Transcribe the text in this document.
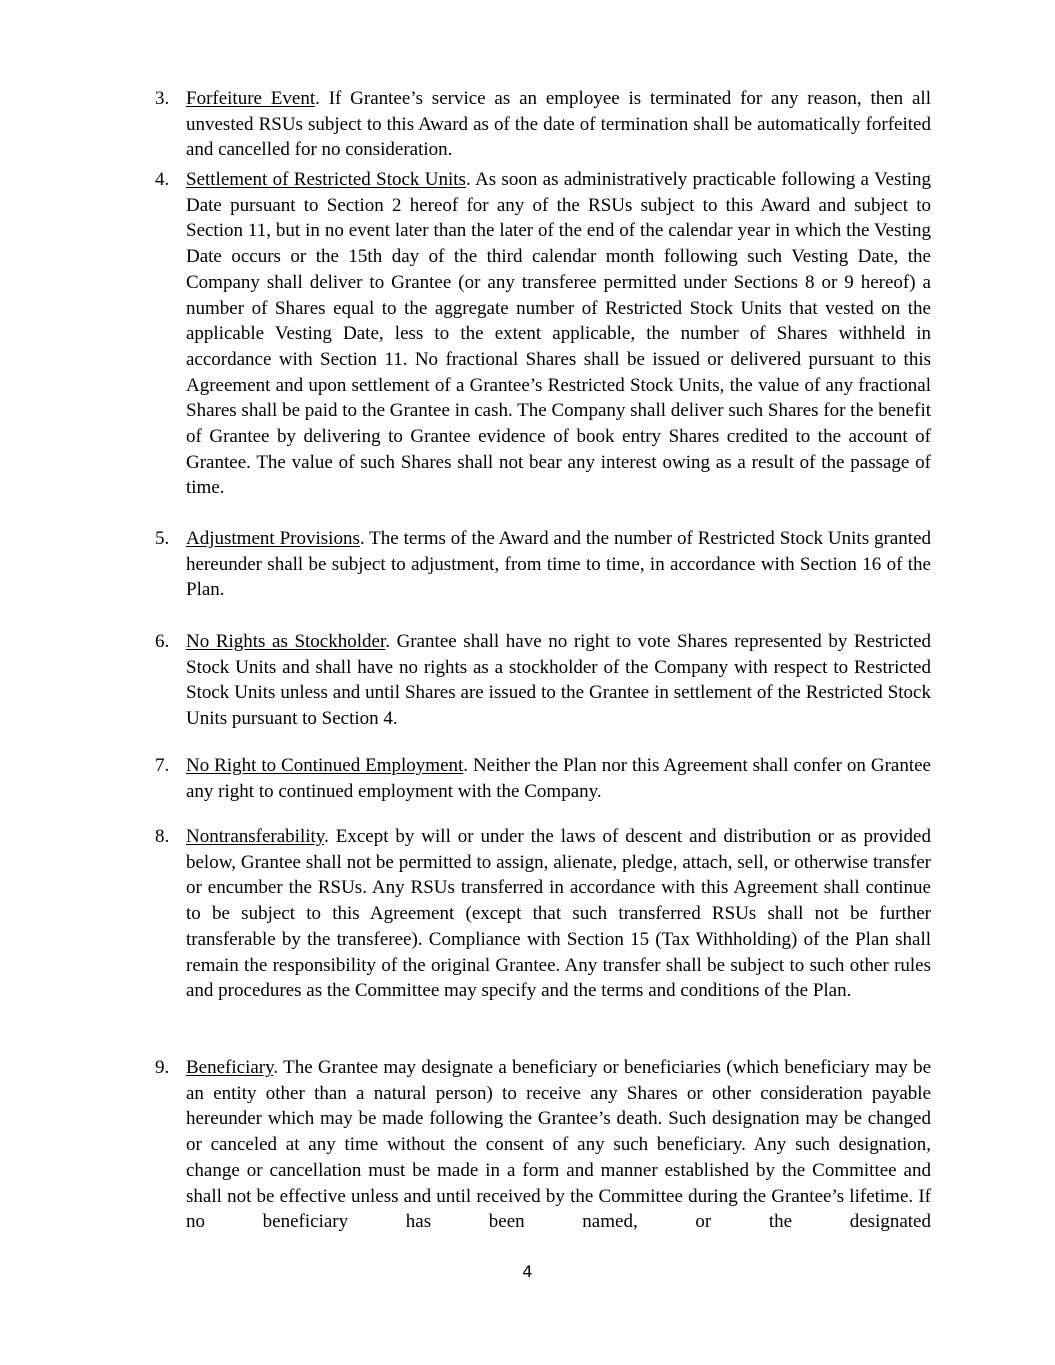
3. Forfeiture Event. If Grantee’s service as an employee is terminated for any reason, then all unvested RSUs subject to this Award as of the date of termination shall be automatically forfeited and cancelled for no consideration.
4. Settlement of Restricted Stock Units. As soon as administratively practicable following a Vesting Date pursuant to Section 2 hereof for any of the RSUs subject to this Award and subject to Section 11, but in no event later than the later of the end of the calendar year in which the Vesting Date occurs or the 15th day of the third calendar month following such Vesting Date, the Company shall deliver to Grantee (or any transferee permitted under Sections 8 or 9 hereof) a number of Shares equal to the aggregate number of Restricted Stock Units that vested on the applicable Vesting Date, less to the extent applicable, the number of Shares withheld in accordance with Section 11. No fractional Shares shall be issued or delivered pursuant to this Agreement and upon settlement of a Grantee’s Restricted Stock Units, the value of any fractional Shares shall be paid to the Grantee in cash. The Company shall deliver such Shares for the benefit of Grantee by delivering to Grantee evidence of book entry Shares credited to the account of Grantee. The value of such Shares shall not bear any interest owing as a result of the passage of time.
5. Adjustment Provisions. The terms of the Award and the number of Restricted Stock Units granted hereunder shall be subject to adjustment, from time to time, in accordance with Section 16 of the Plan.
6. No Rights as Stockholder. Grantee shall have no right to vote Shares represented by Restricted Stock Units and shall have no rights as a stockholder of the Company with respect to Restricted Stock Units unless and until Shares are issued to the Grantee in settlement of the Restricted Stock Units pursuant to Section 4.
7. No Right to Continued Employment. Neither the Plan nor this Agreement shall confer on Grantee any right to continued employment with the Company.
8. Nontransferability. Except by will or under the laws of descent and distribution or as provided below, Grantee shall not be permitted to assign, alienate, pledge, attach, sell, or otherwise transfer or encumber the RSUs. Any RSUs transferred in accordance with this Agreement shall continue to be subject to this Agreement (except that such transferred RSUs shall not be further transferable by the transferee). Compliance with Section 15 (Tax Withholding) of the Plan shall remain the responsibility of the original Grantee. Any transfer shall be subject to such other rules and procedures as the Committee may specify and the terms and conditions of the Plan.
9. Beneficiary. The Grantee may designate a beneficiary or beneficiaries (which beneficiary may be an entity other than a natural person) to receive any Shares or other consideration payable hereunder which may be made following the Grantee’s death. Such designation may be changed or canceled at any time without the consent of any such beneficiary. Any such designation, change or cancellation must be made in a form and manner established by the Committee and shall not be effective unless and until received by the Committee during the Grantee’s lifetime. If no beneficiary has been named, or the designated
4
